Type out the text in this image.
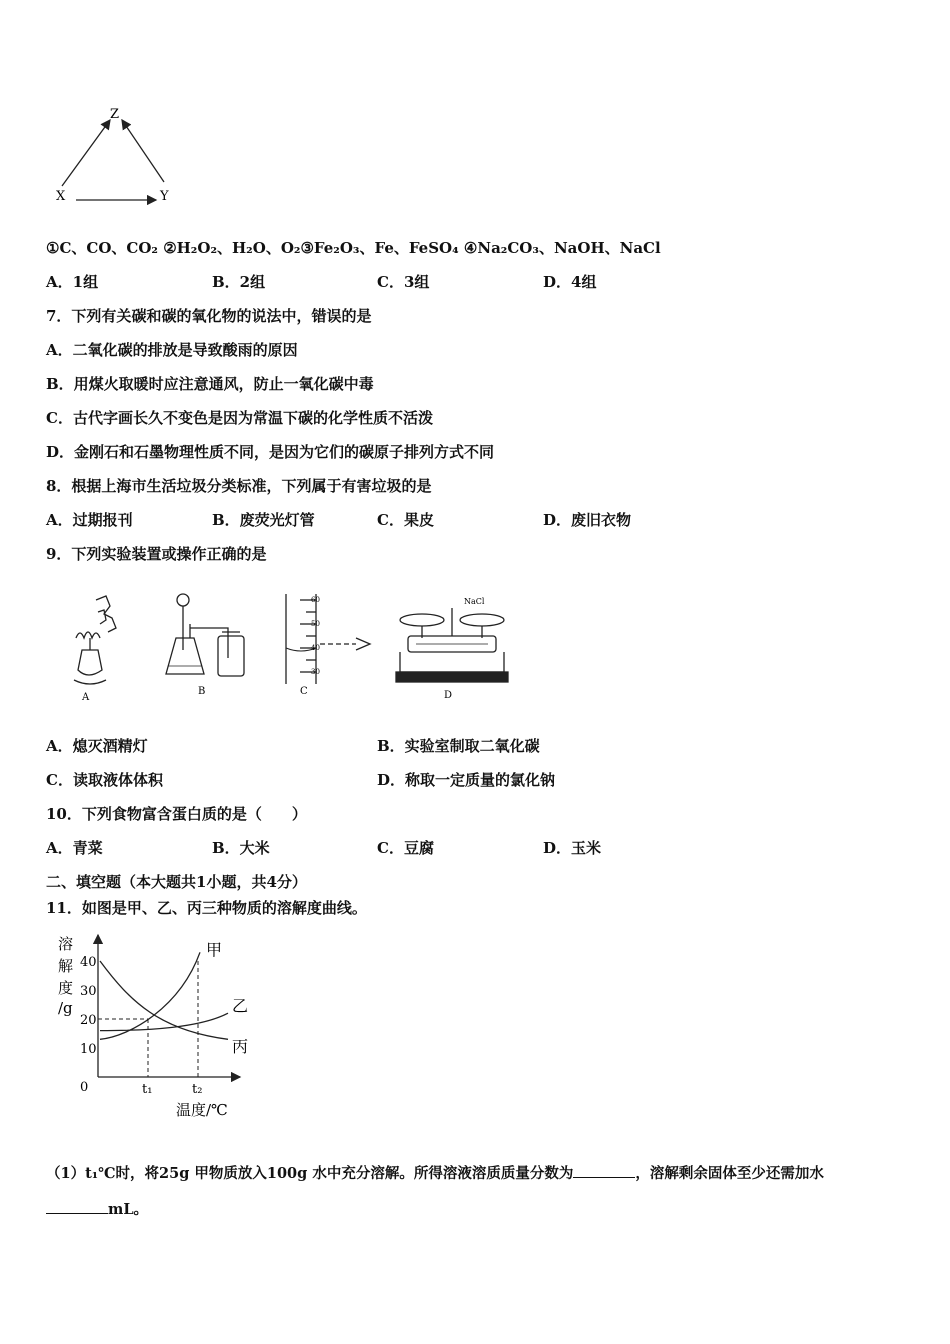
Z
X	Y
①C、CO、CO₂ ②H₂O₂、H₂O、O₂③Fe₂O₃、Fe、FeSO₄ ④Na₂CO₃、NaOH、NaCl
A．1组	B．2组	C．3组	D．4组
7．下列有关碳和碳的氧化物的说法中，错误的是
A．二氧化碳的排放是导致酸雨的原因
B．用煤火取暖时应注意通风，防止一氧化碳中毒
C．古代字画长久不变色是因为常温下碳的化学性质不活泼
D．金刚石和石墨物理性质不同，是因为它们的碳原子排列方式不同
8．根据上海市生活垃圾分类标准，下列属于有害垃圾的是
A．过期报刊	B．废荧光灯管	C．果皮	D．废旧衣物
9．下列实验装置或操作正确的是
A
B
60
50
40
30
C
NaCl
D
A．熄灭酒精灯	B．实验室制取二氧化碳
C．读取液体体积	D．称取一定质量的氯化钠
10．下列食物富含蛋白质的是（　　）
A．青菜	B．大米	C．豆腐	D．玉米
二、填空题（本大题共1小题，共4分）
11．如图是甲、乙、丙三种物质的溶解度曲线。
40
30
20
10
甲
乙
丙
t₁	t₂
溶
解
度
/g
温度/℃
0
（1）t₁℃时，将25g 甲物质放入100g 水中充分溶解。所得溶液溶质质量分数为	，溶解剩余固体至少还需加水
mL。
